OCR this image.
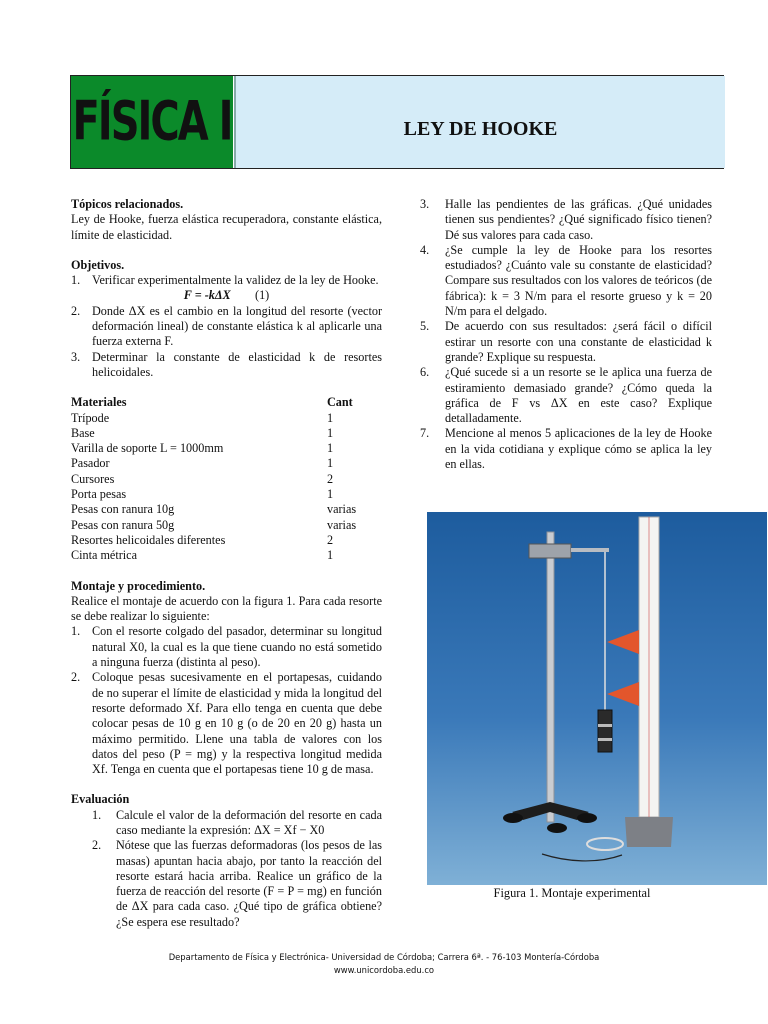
FÍSICA I	LEY DE HOOKE

Tópicos relacionados.

Ley de Hooke, fuerza elástica recuperadora, constante elástica, límite de elasticidad.

Objetivos.

1. Verificar experimentalmente la validez de la ley de Hooke.
F = -kΔX (1)
2. Donde ΔX es el cambio en la longitud del resorte (vector deformación lineal) de constante elástica k al aplicarle una fuerza externa F.
3. Determinar la constante de elasticidad k de resortes helicoidales.
Materiales	Cant
Trípode	1
Base	1
Varilla de soporte L = 1000mm	1
Pasador	1
Cursores	2
Porta pesas	1
Pesas con ranura 10g	varias
Pesas con ranura 50g	varias
Resortes helicoidales diferentes	2
Cinta métrica	1

Montaje y procedimiento.

Realice el montaje de acuerdo con la figura 1. Para cada resorte se debe realizar lo siguiente:

1. Con el resorte colgado del pasador, determinar su longitud natural X0, la cual es la que tiene cuando no está sometido a ninguna fuerza (distinta al peso).
2. Coloque pesas sucesivamente en el portapesas, cuidando de no superar el límite de elasticidad y mida la longitud del resorte deformado Xf. Para ello tenga en cuenta que debe colocar pesas de 10 g en 10 g (o de 20 en 20 g) hasta un máximo permitido. Llene una tabla de valores con los datos del peso (P = mg) y la respectiva longitud medida Xf. Tenga en cuenta que el portapesas tiene 10 g de masa.

Evaluación

1. Calcule el valor de la deformación del resorte en cada caso mediante la expresión: ΔX = Xf − X0
2. Nótese que las fuerzas deformadoras (los pesos de las masas) apuntan hacia abajo, por tanto la reacción del resorte estará hacia arriba. Realice un gráfico de la fuerza de reacción del resorte (F = P = mg) en función de ΔX para cada caso. ¿Qué tipo de gráfica obtiene? ¿Se espera ese resultado?
3. Halle las pendientes de las gráficas. ¿Qué unidades tienen sus pendientes? ¿Qué significado físico tienen? Dé sus valores para cada caso.
4. ¿Se cumple la ley de Hooke para los resortes estudiados? ¿Cuánto vale su constante de elasticidad? Compare sus resultados con los valores de teóricos (de fábrica): k = 3 N/m para el resorte grueso y k = 20 N/m para el delgado.
5. De acuerdo con sus resultados: ¿será fácil o difícil estirar un resorte con una constante de elasticidad k grande? Explique su respuesta.
6. ¿Qué sucede si a un resorte se le aplica una fuerza de estiramiento demasiado grande? ¿Cómo queda la gráfica de F vs ΔX en este caso? Explique detalladamente.
7. Mencione al menos 5 aplicaciones de la ley de Hooke en la vida cotidiana y explique cómo se aplica la ley en ellas.
Figura 1. Montaje experimental
Departamento de Física y Electrónica- Universidad de Córdoba; Carrera 6ª. - 76-103 Montería-Córdoba
www.unicordoba.edu.co
